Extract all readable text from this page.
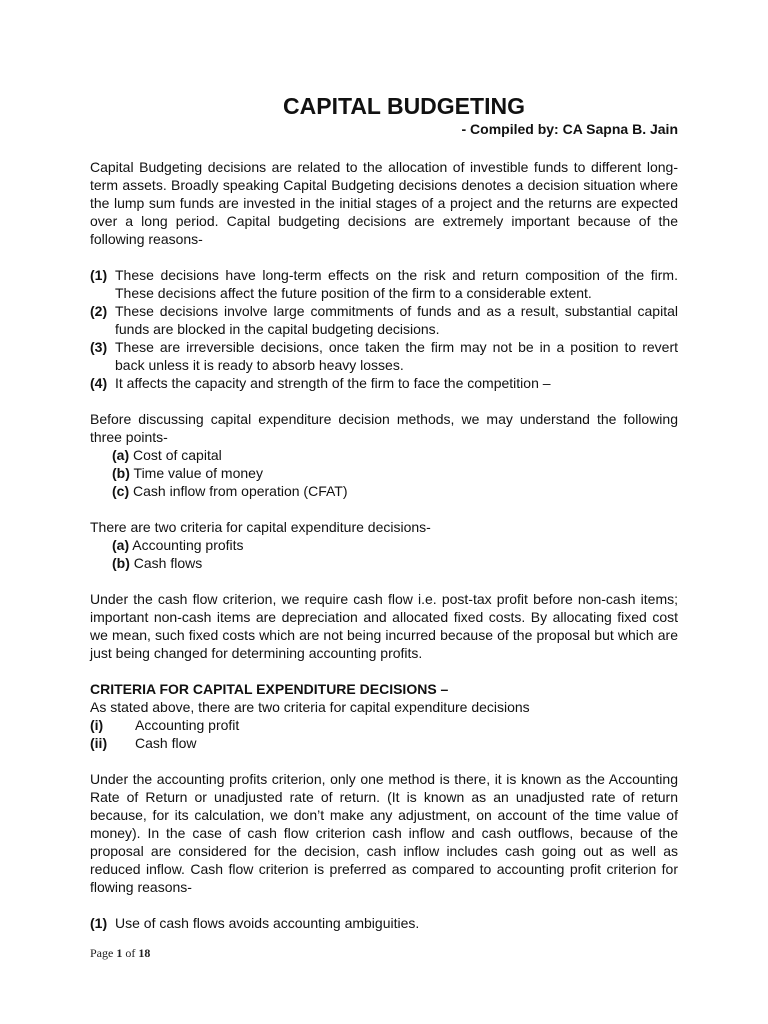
CAPITAL BUDGETING

- Compiled by: CA Sapna B. Jain

Capital Budgeting decisions are related to the allocation of investible funds to different long-term assets. Broadly speaking Capital Budgeting decisions denotes a decision situation where the lump sum funds are invested in the initial stages of a project and the returns are expected over a long period. Capital budgeting decisions are extremely important because of the following reasons-

(1) These decisions have long-term effects on the risk and return composition of the firm. These decisions affect the future position of the firm to a considerable extent.
(2) These decisions involve large commitments of funds and as a result, substantial capital funds are blocked in the capital budgeting decisions.
(3) These are irreversible decisions, once taken the firm may not be in a position to revert back unless it is ready to absorb heavy losses.
(4) It affects the capacity and strength of the firm to face the competition –

Before discussing capital expenditure decision methods, we may understand the following three points-

(a) Cost of capital
(b) Time value of money
(c) Cash inflow from operation (CFAT)

There are two criteria for capital expenditure decisions-

(a) Accounting profits
(b) Cash flows

Under the cash flow criterion, we require cash flow i.e. post-tax profit before non-cash items; important non-cash items are depreciation and allocated fixed costs. By allocating fixed cost we mean, such fixed costs which are not being incurred because of the proposal but which are just being changed for determining accounting profits.

CRITERIA FOR CAPITAL EXPENDITURE DECISIONS –

As stated above, there are two criteria for capital expenditure decisions

(i)	Accounting profit
(ii)	Cash flow

Under the accounting profits criterion, only one method is there, it is known as the Accounting Rate of Return or unadjusted rate of return. (It is known as an unadjusted rate of return because, for its calculation, we don’t make any adjustment, on account of the time value of money). In the case of cash flow criterion cash inflow and cash outflows, because of the proposal are considered for the decision, cash inflow includes cash going out as well as reduced inflow. Cash flow criterion is preferred as compared to accounting profit criterion for flowing reasons-

(1) Use of cash flows avoids accounting ambiguities.
Page 1 of 18
